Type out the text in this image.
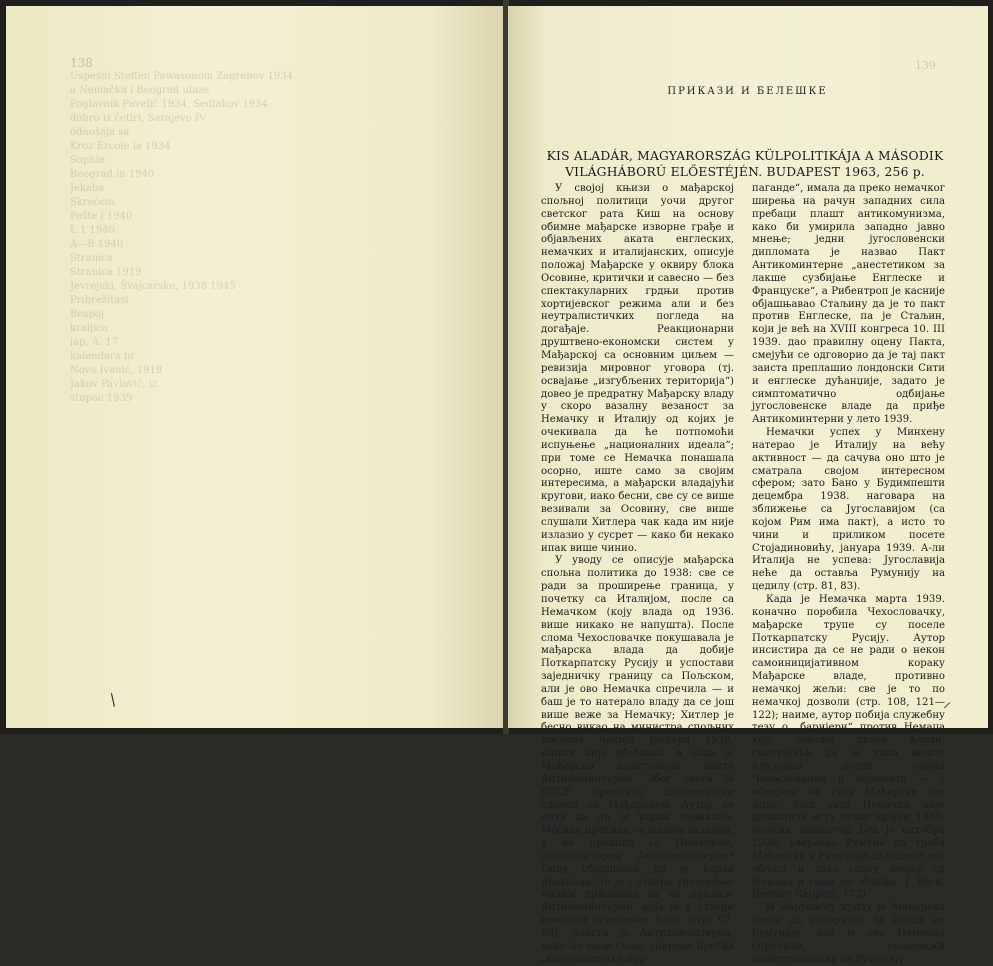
138	139
Uspešni Steffen Pawasonom Zagrebov 1934
a Nemačka i Beograd ulaze
Poglavnik Pavelić 1934, Sedlakov 1934
dobro iz četiri, Sarajevo IV
odnošaja sa
Kroz Ercole la 1934
Sophie
Beograd in 1940
Jekaba
Skrećem
Pešte i 1940
L.1 1940
A—B 1940
Stranica
Stranica 1919
Jevrejski, Švajcarske, 1938 1945
Pribrežitasi
Bespoj
kraljica
jap, A. 17
kalendara hr
Nova Ivanić, 1919
Jakov Pavlović, iz
stupac 1939
ПРИКАЗИ И БЕЛЕШКЕ
KIS ALADÁR, MAGYARORSZÁG KÜLPOLITIKÁJA A MÁSODIK
VILÁGHÁBORÚ ELŐESTÉJÉN. BUDAPEST 1963, 256 p.

У својој књизи о мађарској спољној политици уочи другог светског рата Киш на основу обимне мађарске изворне грађе и објављених аката енглеских, немачких и италијанских, описује положај Мађарске у оквиру блока Осовине, критички и савесно — без спектакуларних грдњи против хортијевског режима али и без неутралистичких погледа на догађаје. Реакционарни друштвено-економски систем у Мађарској са основним циљем — ревизија мировног уговора (тј. освајање „изгубљених територија“) довео је предратну Мађарску владу у скоро вазалну везаност за Немачку и Италију од којих је очекивала да ће потпомоћи испуњење „националних идеала“; при томе се Немачка понашала осорно, иште само за својим интересима, а мађарски владајући кругови, иако бесни, све су се више везивали за Осовину, све више слушали Хитлера чак када им није излазио у сусрет — како би некако ипак више чинио.

У уводу се описује мађарска спољна политика до 1938: све се ради за проширење граница, у почетку са Италијом, после са Немачком (коју влада од 1936. више никако не напушта). После слома Чехословачке покушавала је мађарска влада да добије Поткарпатску Русију и успостави заједничку границу са Пољском, али је ово Немачка спречила — и баш је то натерало владу да се још више веже за Немачку; Хитлер је бесно викао на министра спољних послова Чакија јануара 1939, ништа није обећавао, и онда је Мађарска приступила пакту Антикоминтерне. Због овога је СССР прекинуо дипломатске односе са Мађарском. Аутор се пита да ли је корак правилан: Москва прекида са малим вазалом, а не прекида са Немачком, организатором Антикоминтерне? Онде објашњава да је корак правилан: то је у ствари упозорење малим државама да не прилазе Антикоминтерни, која је у ствари немачки агресивни блок (стр. 67, 68). Заиста је Антикоминтерна, иако по свом слову уперена против „комунистичке про-

паганде“, имала да преко немачког ширења на рачун западних сила пребаци плашт антикомунизма, како би умирила западно јавно мнење; једни југословенски дипломата је назвао Пакт Антикоминтерне „анестетиком за лакше сузбијање Енглеске и Француске“, а Рибентроп је касније објашњавао Стаљину да је то пакт против Енглеске, па је Стаљин, који је већ на XVIII конгреса 10. III 1939. дао правилну оцену Пакта, смејући се одговорио да је тај пакт заиста преплашио лондонски Сити и енглеске дућанџије, задато је симптоматично одбијање југословенске владе да приђе Антикоминтерни у лето 1939.

Немачки успех у Минхену натерао је Италију на већу активност — да сачува оно што је сматрала својом интересном сфером; зато Бано у Будимпешти децембра 1938. наговара на зближење са Југославијом (са којом Рим има пакт), а исто то чини и приликом посете Стојадиновићу, јануара 1939. А-ли Италија не успева: Југославија неће да оставља Румунију на цедилу (стр. 81, 83).

Када је Немачка марта 1939. коначно поробила Чехословачку, мађарске трупе су поселе Поткарпатску Русију. Аутор инсистира да се не ради о некон самоиницијативном кораку Мађарске владе, противно немачкој жељи: све је то по немачкој дозволи (стр. 108, 121—122); наиме, аутор побија служебну тезу о „баријери“ против Немаца коју тобоже прави Хорти, сматрајући да је тако нешто илузорно после слома Чехословачке и нарочито — с обзиром на став Мађарске (па ипак, баш зато Немачка није дозволила исту ствар крајем 1938; пољски министар Бек је октобра 1938. уверавао Румуне да треба Мађарска и Румунија да поделе ову област и тако спасу земљу од Немаца а сами се зближе. J. Beck, Dernier Rapport, 173).

И мартовску кризу је Мађарска хтела да искористи за напад на Румунију, али је ово Немачка спречила, економски заинтересована за Румунију.

/	⸝
